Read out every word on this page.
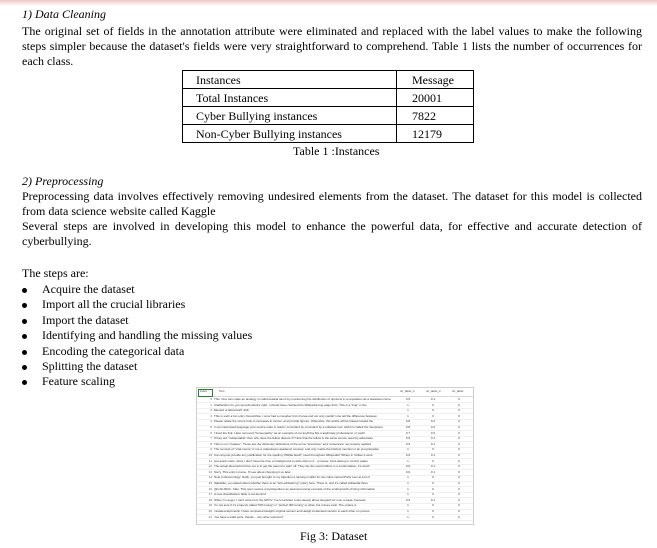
1) Data Cleaning
The original set of fields in the annotation attribute were eliminated and replaced with the label values to make the following steps simpler because the dataset's fields were very straightforward to comprehend. Table 1 lists the number of occurrences for each class.
Instances	Message
Total Instances	20001
Cyber Bullying instances	7822
Non-Cyber Bullying instances	12179
Table 1 :Instances
2) Preprocessing
Preprocessing data involves effectively removing undesired elements from the dataset. The dataset for this model is collected from data science website called Kaggle
Several steps are involved in developing this model to enhance the powerful data, for effective and accurate detection of cyberbullying.
The steps are:
Acquire the dataset
Import all the crucial libraries
Import the dataset
Identifying and handling the missing values
Encoding the categorical data
Splitting the dataset
Feature scaling
index	Text	oh_label_1	oh_label_2	oh_label
0 This: One can make an analogy in mathematical terms by envisioning the distribution of opinions in a population as a Gaussian curve.	0.9	0.1	0
1 Clarification for you (and Zundark's right, I should have checked the Wikipedia bug page first). This is a "bug" in the	1	0	0
2 Elected or Electorial? JHK	1	0	0
3 This is such a fun entry. Devotchka, I once had a coworker from Korea and not only couldn't she tell the difference between	1	0	0
4 Please relate the ozone hole to increases in cancer, and provide figures. Otherwise, this article will be biased toward the	0.8	0.2	0
5 In an interpreted language your source code is read in command by command by a software tool, which is called the interpreter	0.8	0.2	0
6 I fixed the link; I also removed "homeopathy" as an example of not anything like a legitimate professional, or worth	0.7	0.3	0
7 If they are "indisputable" then why does the fellow dispute it? Note that the fellow is the same source used by advocates	0.9	0.1	0
8 This is not "creative". Those are the dictionary definitions of the terms "insurance" and "ensurance" as properly applied	0.9	0.1	0
9 The concept of "viral meme" is not a mainstream academic concept, and only merits the briefest mention in an encyclopedia	1	0	0
10 Can anyone provide any justification for the spelling "Middle Earth" used throughout Wikipedia? Where in Tolkien's work	0.9	0.1	0
11 just quick notes, since I don't have the time or background to write well on it... purpose: fund-raising or control (sales	1	0	0
12 The actual idea behind time out is to get the parent to warn off. They are the real problem in a confrontation, it's worth	0.9	0.1	0
13 Sorry. This entry is lame, I'll see about chopping it up later.	0.9	0.1	0
14 Note to Entomology: Hank, you just brought to my attention a naming conflict for two cities named Paris over at List of	1	0	0
15 Sjakkalle, you asked about whether there is an "anti-editwarring" policy here. There is, and it's called wikipedia:three	1	0	0
16 [[11.02.0610 - Max: This open source encyclopedia is an awesome living example of the small growth of living information	1	0	0
17 A new classification table is at Hominid.	1	0	0
18 When I'm angry, I can't write from the NPOV. I've let articles I care deeply about languish for over a week, because	0.9	0.1	0
19 I'm not sure if it's properly called "fifth tuning" or "perfect fifth tuning" or what, but it does exist. The octave is	1	0	0
20 modelexcerptmerlin I have compared Hedgil's original version and Hedgil condensed version to each other on porous	1	0	0
21 You have a valid point, thanks... any other opinions?	1	0	0
Fig 3: Dataset
